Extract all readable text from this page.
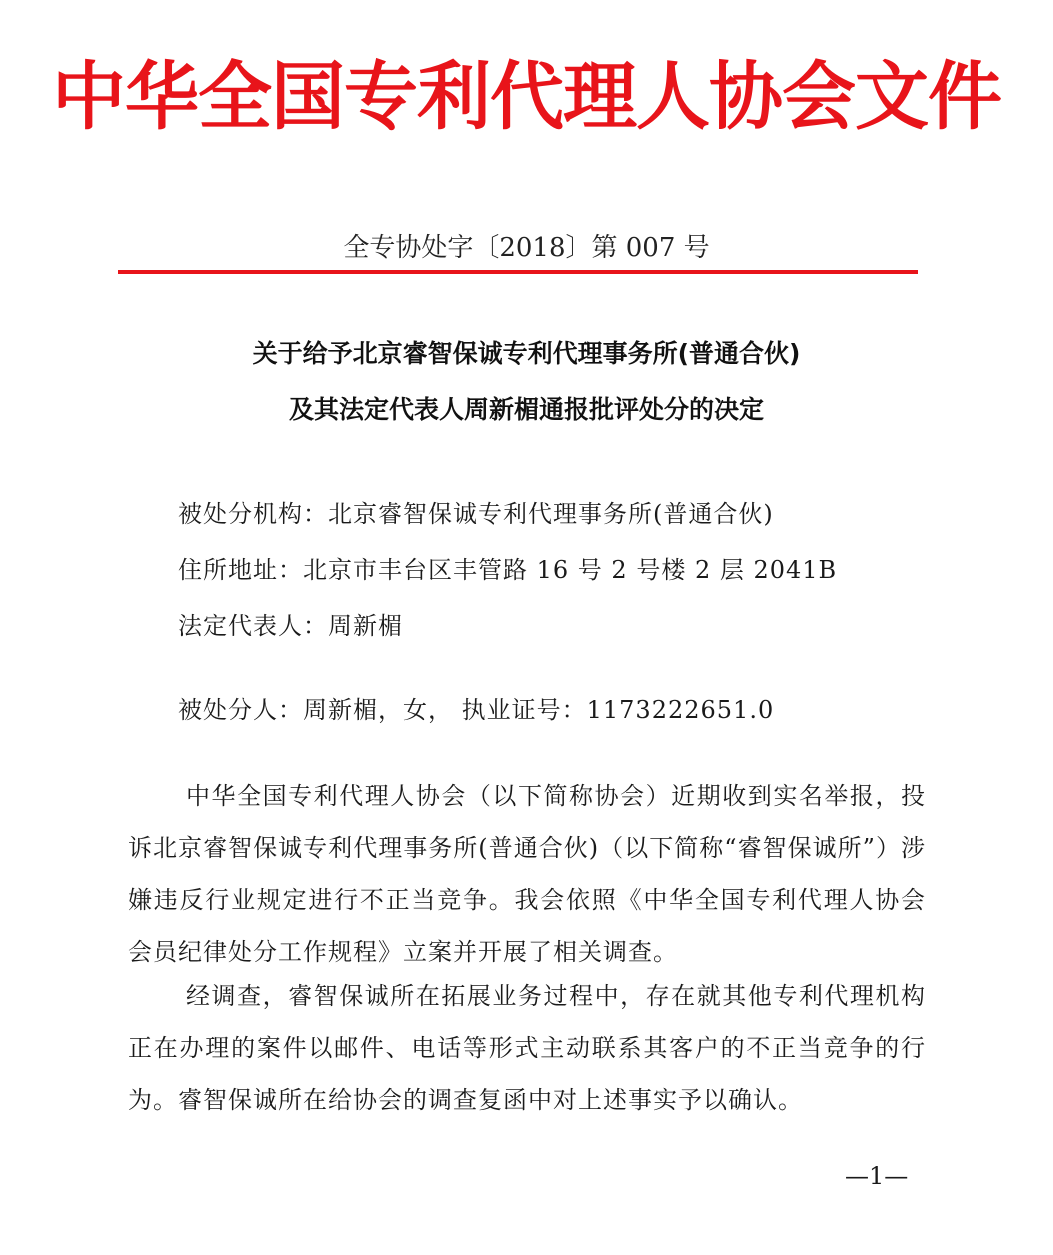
中华全国专利代理人协会文件
全专协处字〔2018〕第 007 号
关于给予北京睿智保诚专利代理事务所(普通合伙)
及其法定代表人周新楣通报批评处分的决定
被处分机构：北京睿智保诚专利代理事务所(普通合伙)
住所地址：北京市丰台区丰管路 16 号 2 号楼 2 层 2041B
法定代表人：周新楣
被处分人：周新楣，女， 执业证号：1173222651.0
中华全国专利代理人协会（以下简称协会）近期收到实名举报，投诉北京睿智保诚专利代理事务所(普通合伙)（以下简称“睿智保诚所”）涉嫌违反行业规定进行不正当竞争。我会依照《中华全国专利代理人协会会员纪律处分工作规程》立案并开展了相关调查。
经调查，睿智保诚所在拓展业务过程中，存在就其他专利代理机构正在办理的案件以邮件、电话等形式主动联系其客户的不正当竞争的行为。睿智保诚所在给协会的调查复函中对上述事实予以确认。
—1—
